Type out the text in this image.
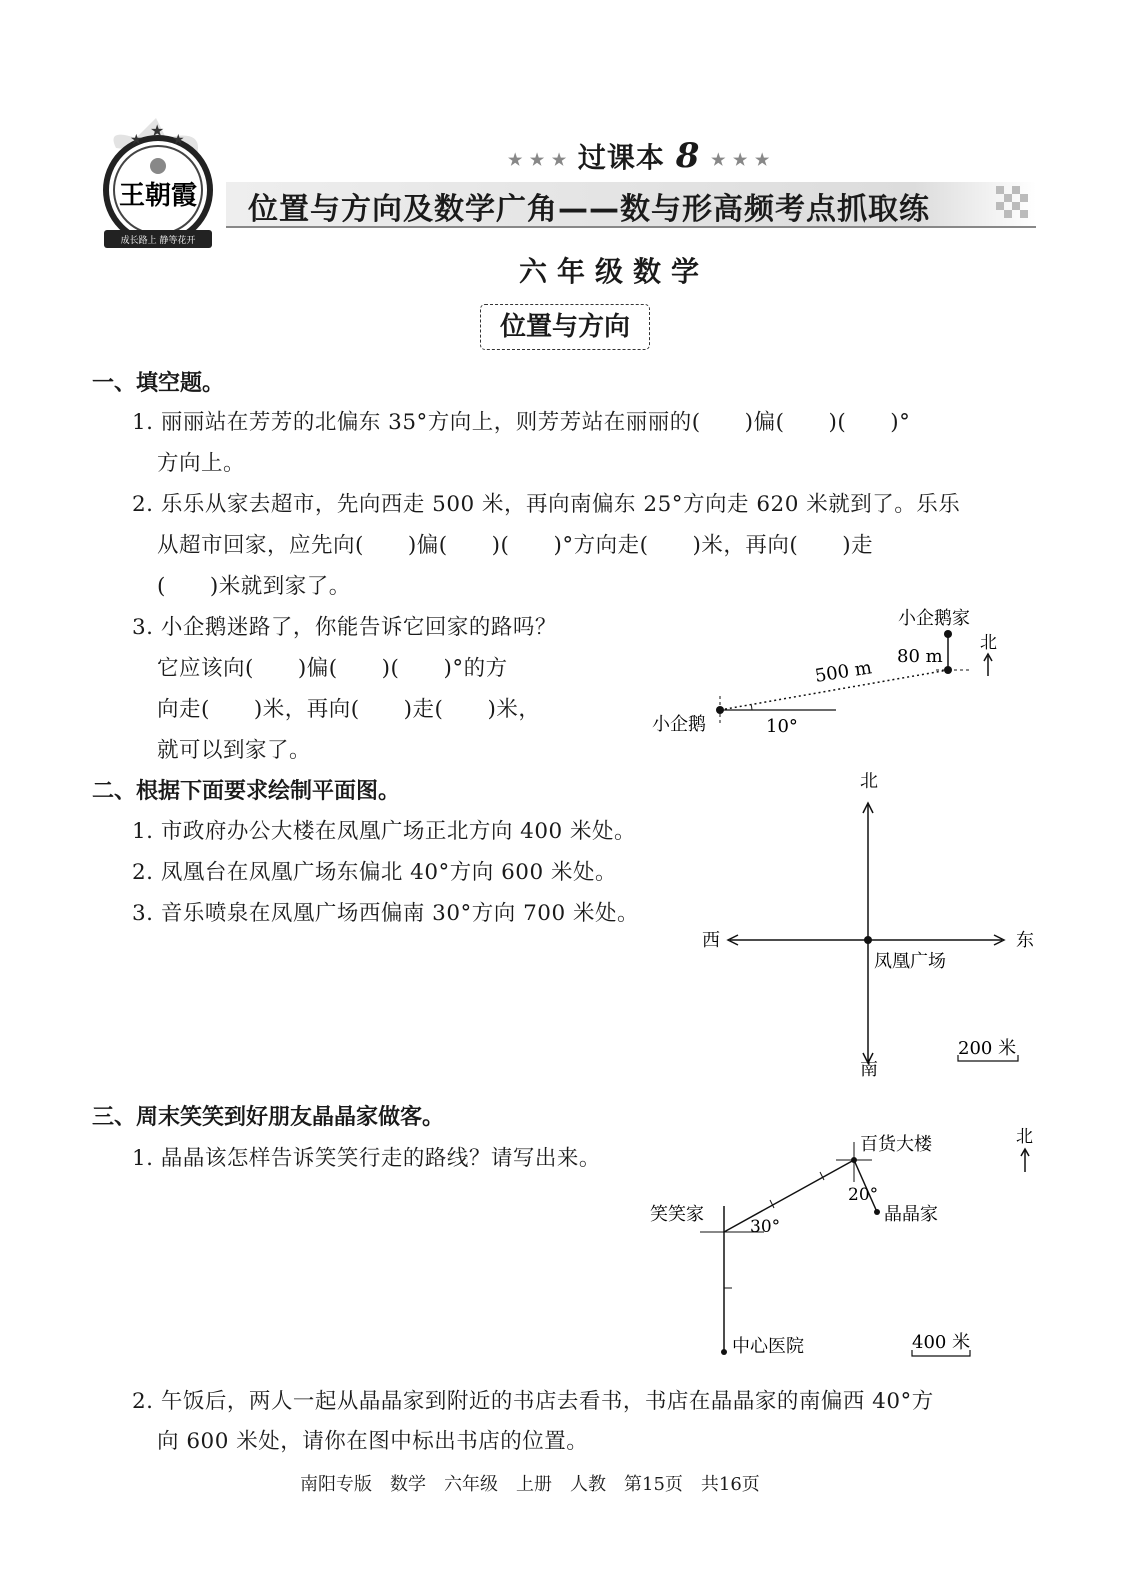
★ ★ ★
王朝霞
成长路上 静等花开
★ ★ ★ 过课本 8 ★ ★ ★
位置与方向及数学广角——数与形高频考点抓取练
六年级数学
位置与方向
一、填空题。
1. 丽丽站在芳芳的北偏东 35°方向上，则芳芳站在丽丽的(　　)偏(　　)(　　)°
方向上。
2. 乐乐从家去超市，先向西走 500 米，再向南偏东 25°方向走 620 米就到了。乐乐
从超市回家，应先向(　　)偏(　　)(　　)°方向走(　　)米，再向(　　)走
(　　)米就到家了。
3. 小企鹅迷路了，你能告诉它回家的路吗？
它应该向(　　)偏(　　)(　　)°的方
向走(　　)米，再向(　　)走(　　)米，
就可以到家了。
小企鹅家
80 m
北
500 m
小企鹅	10°
二、根据下面要求绘制平面图。
1. 市政府办公大楼在凤凰广场正北方向 400 米处。
2. 凤凰台在凤凰广场东偏北 40°方向 600 米处。
3. 音乐喷泉在凤凰广场西偏南 30°方向 700 米处。
北
南
西	东
凤凰广场
200 米
三、周末笑笑到好朋友晶晶家做客。
1. 晶晶该怎样告诉笑笑行走的路线？请写出来。
百货大楼
20°
晶晶家
笑笑家
30°
中心医院
北
400 米
2. 午饭后，两人一起从晶晶家到附近的书店去看书，书店在晶晶家的南偏西 40°方
向 600 米处，请你在图中标出书店的位置。
南阳专版　数学　六年级　上册　人教　第15页　共16页
